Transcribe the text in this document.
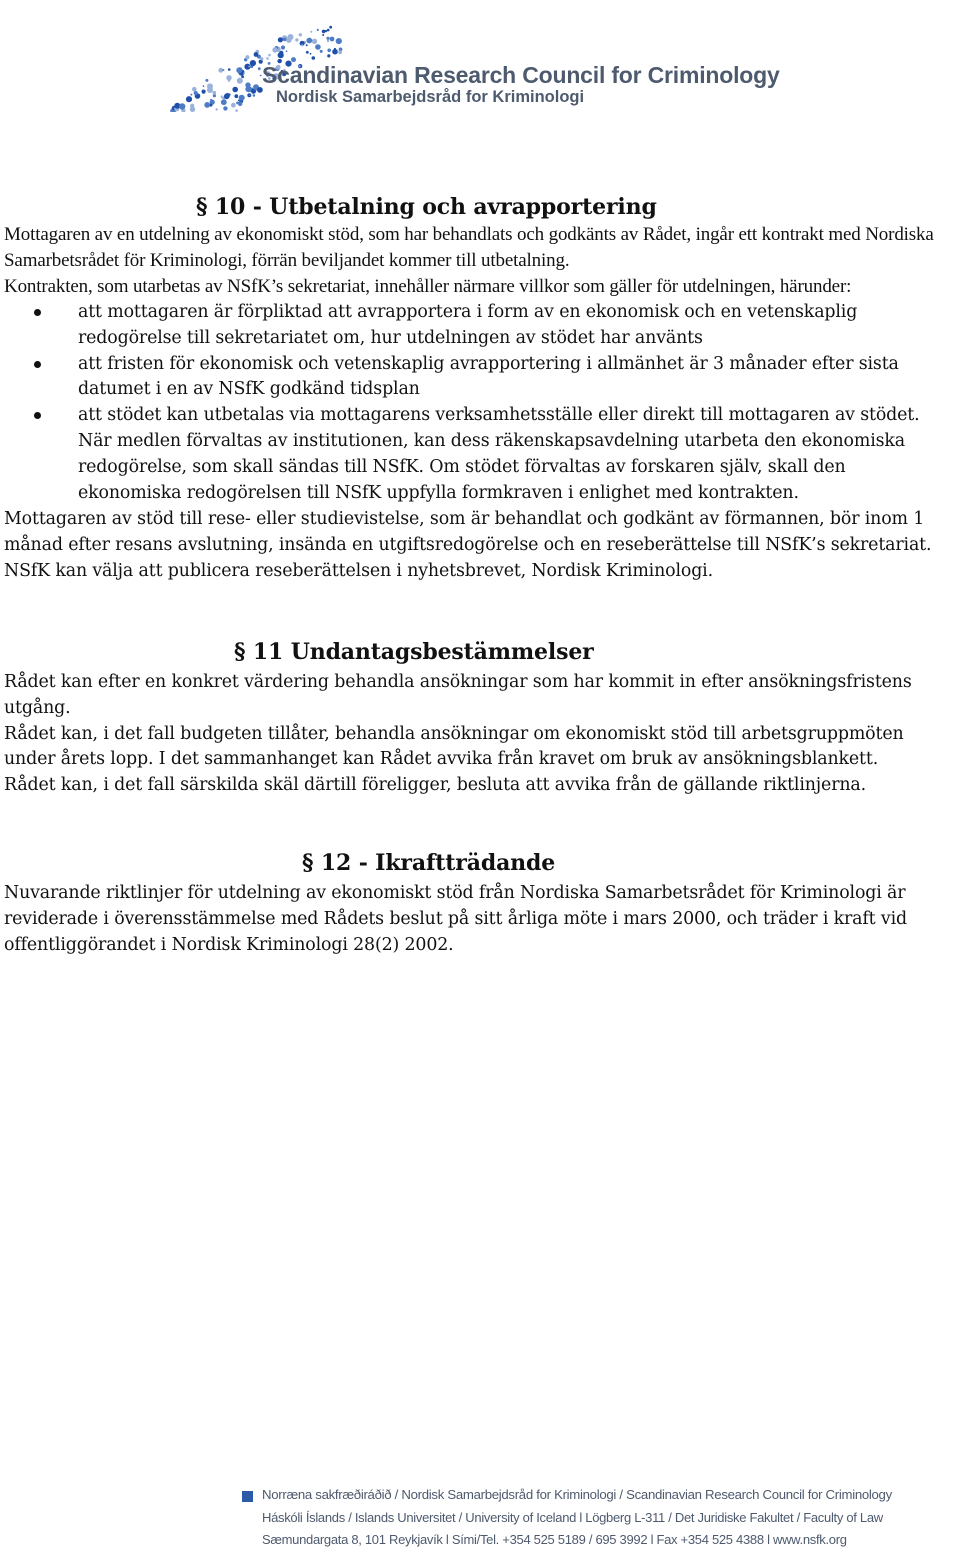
Scandinavian Research Council for Criminology

Nordisk Samarbejdsråd for Kriminologi

§ 10 - Utbetalning och avrapportering

Mottagaren av en utdelning av ekonomiskt stöd, som har behandlats och godkänts av Rådet, ingår ett kontrakt med Nordiska Samarbetsrådet för Kriminologi, förrän beviljandet kommer till utbetalning.

Kontrakten, som utarbetas av NSfK’s sekretariat, innehåller närmare villkor som gäller för utdelningen, härunder:

att mottagaren är förpliktad att avrapportera i form av en ekonomisk och en vetenskaplig redogörelse till sekretariatet om, hur utdelningen av stödet har använts
att fristen för ekonomisk och vetenskaplig avrapportering i allmänhet är 3 månader efter sista datumet i en av NSfK godkänd tidsplan
att stödet kan utbetalas via mottagarens verksamhetsställe eller direkt till mottagaren av stödet. När medlen förvaltas av institutionen, kan dess räkenskapsavdelning utarbeta den ekonomiska redogörelse, som skall sändas till NSfK. Om stödet förvaltas av forskaren själv, skall den ekonomiska redogörelsen till NSfK uppfylla formkraven i enlighet med kontrakten.

Mottagaren av stöd till rese- eller studievistelse, som är behandlat och godkänt av förmannen, bör inom 1 månad efter resans avslutning, insända en utgiftsredogörelse och en reseberättelse till NSfK’s sekretariat. NSfK kan välja att publicera reseberättelsen i nyhetsbrevet, Nordisk Kriminologi.

§ 11 Undantagsbestämmelser

Rådet kan efter en konkret värdering behandla ansökningar som har kommit in efter ansökningsfristens utgång.

Rådet kan, i det fall budgeten tillåter, behandla ansökningar om ekonomiskt stöd till arbetsgruppmöten under årets lopp. I det sammanhanget kan Rådet avvika från kravet om bruk av ansökningsblankett.

Rådet kan, i det fall särskilda skäl därtill föreligger, besluta att avvika från de gällande riktlinjerna.

§ 12 - Ikraftträdande

Nuvarande riktlinjer för utdelning av ekonomiskt stöd från Nordiska Samarbetsrådet för Kriminologi är reviderade i överensstämmelse med Rådets beslut på sitt årliga möte i mars 2000, och träder i kraft vid offentliggörandet i Nordisk Kriminologi 28(2) 2002.

Norræna sakfræðiráðið / Nordisk Samarbejdsråd for Kriminologi / Scandinavian Research Council for Criminology

Háskóli Íslands / Islands Universitet / University of Iceland l Lögberg L-311 / Det Juridiske Fakultet / Faculty of Law

Sæmundargata 8, 101 Reykjavík l Sími/Tel. +354 525 5189 / 695 3992 l Fax +354 525 4388 l www.nsfk.org
